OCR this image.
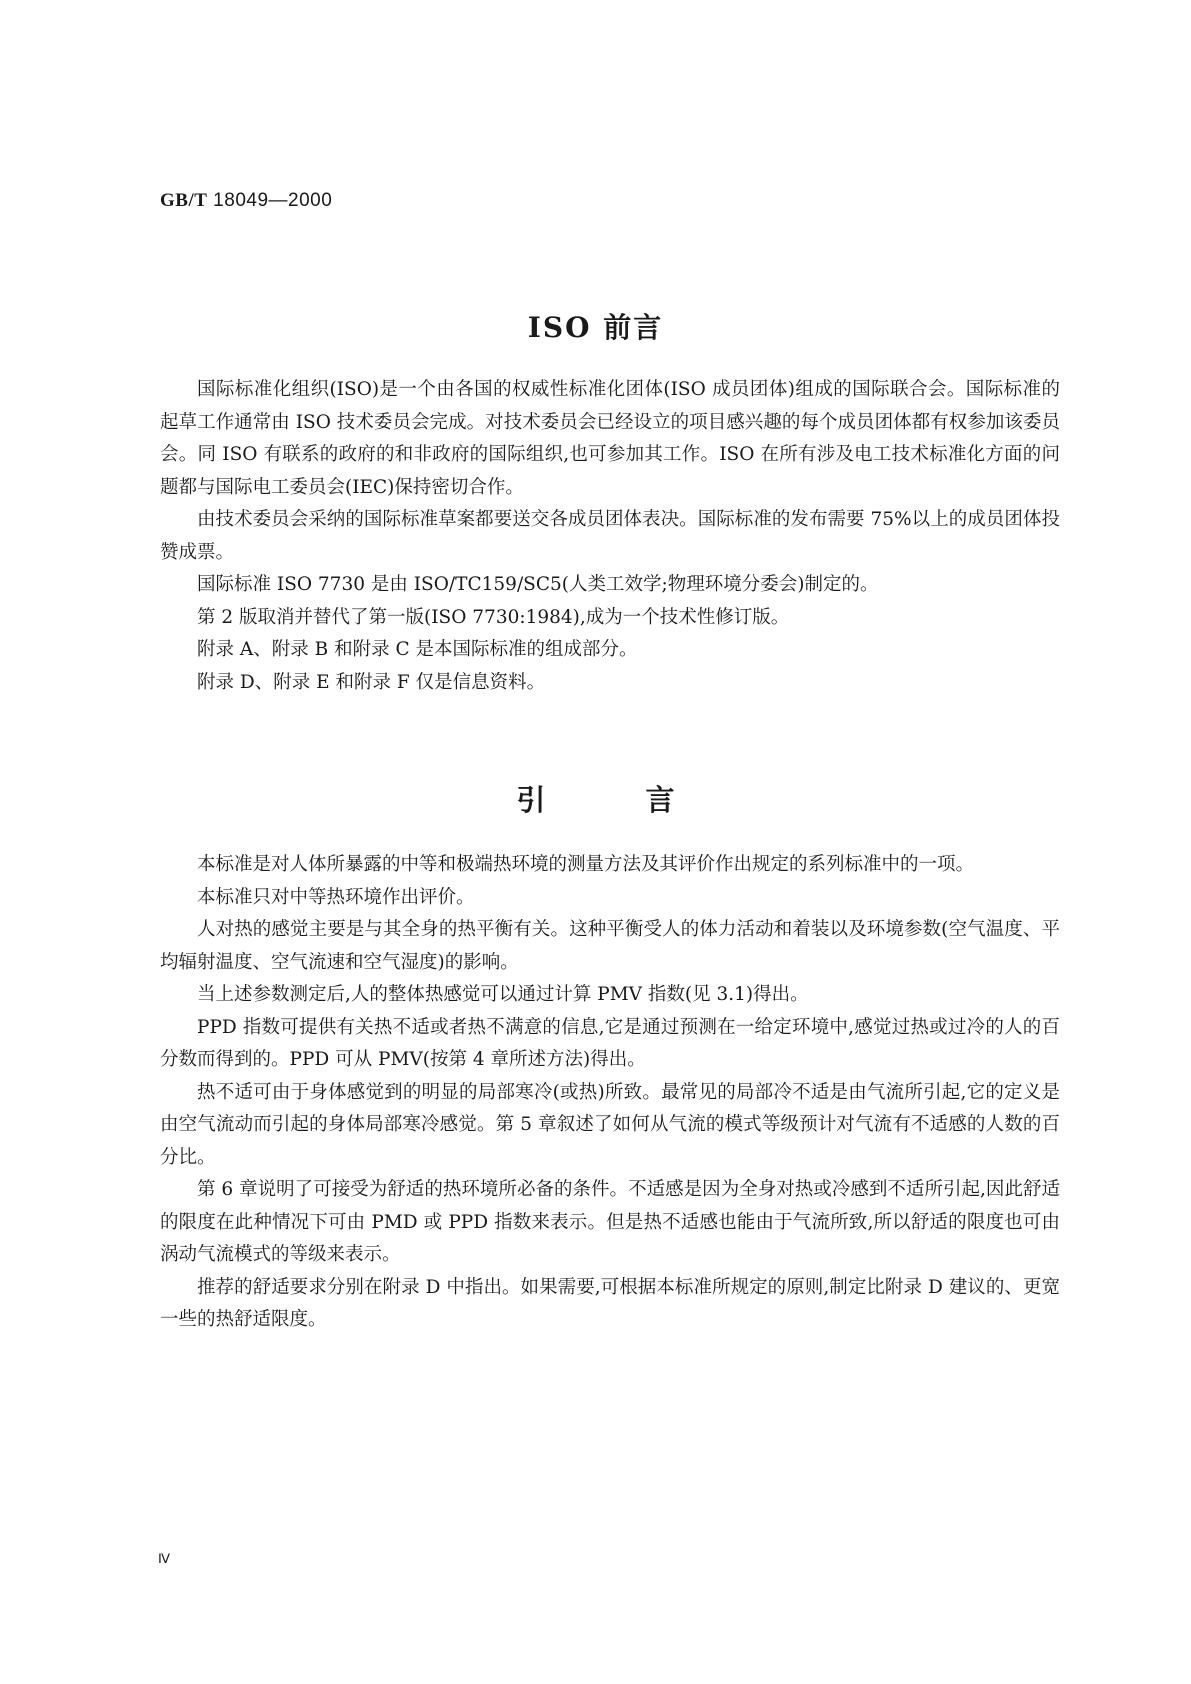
GB/T 18049—2000
ISO 前言

国际标准化组织(ISO)是一个由各国的权威性标准化团体(ISO 成员团体)组成的国际联合会。国际标准的起草工作通常由 ISO 技术委员会完成。对技术委员会已经设立的项目感兴趣的每个成员团体都有权参加该委员会。同 ISO 有联系的政府的和非政府的国际组织,也可参加其工作。ISO 在所有涉及电工技术标准化方面的问题都与国际电工委员会(IEC)保持密切合作。

由技术委员会采纳的国际标准草案都要送交各成员团体表决。国际标准的发布需要 75%以上的成员团体投赞成票。

国际标准 ISO 7730 是由 ISO/TC159/SC5(人类工效学;物理环境分委会)制定的。

第 2 版取消并替代了第一版(ISO 7730:1984),成为一个技术性修订版。

附录 A、附录 B 和附录 C 是本国际标准的组成部分。

附录 D、附录 E 和附录 F 仅是信息资料。

引	言

本标准是对人体所暴露的中等和极端热环境的测量方法及其评价作出规定的系列标准中的一项。

本标准只对中等热环境作出评价。

人对热的感觉主要是与其全身的热平衡有关。这种平衡受人的体力活动和着装以及环境参数(空气温度、平均辐射温度、空气流速和空气湿度)的影响。

当上述参数测定后,人的整体热感觉可以通过计算 PMV 指数(见 3.1)得出。

PPD 指数可提供有关热不适或者热不满意的信息,它是通过预测在一给定环境中,感觉过热或过冷的人的百分数而得到的。PPD 可从 PMV(按第 4 章所述方法)得出。

热不适可由于身体感觉到的明显的局部寒冷(或热)所致。最常见的局部冷不适是由气流所引起,它的定义是由空气流动而引起的身体局部寒冷感觉。第 5 章叙述了如何从气流的模式等级预计对气流有不适感的人数的百分比。

第 6 章说明了可接受为舒适的热环境所必备的条件。不适感是因为全身对热或冷感到不适所引起,因此舒适的限度在此种情况下可由 PMD 或 PPD 指数来表示。但是热不适感也能由于气流所致,所以舒适的限度也可由涡动气流模式的等级来表示。

推荐的舒适要求分别在附录 D 中指出。如果需要,可根据本标准所规定的原则,制定比附录 D 建议的、更宽一些的热舒适限度。

Ⅳ
